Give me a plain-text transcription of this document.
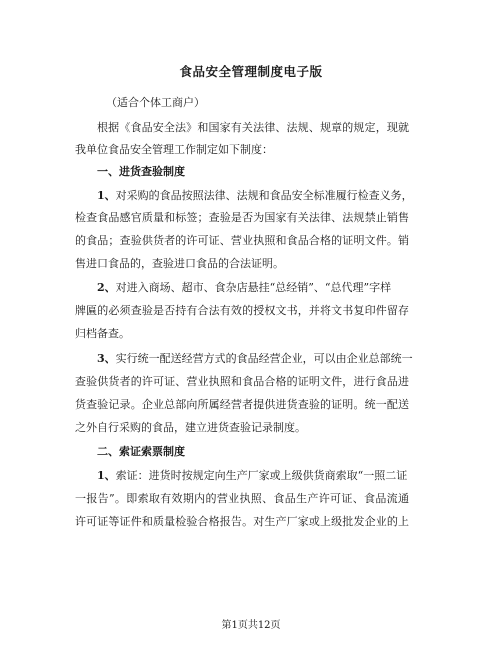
食品安全管理制度电子版
（适合个体工商户）
根据《食品安全法》和国家有关法律、法规、规章的规定，现就
我单位食品安全管理工作制定如下制度：
一、进货查验制度
1、对采购的食品按照法律、法规和食品安全标准履行检查义务，
检查食品感官质量和标签；查验是否为国家有关法律、法规禁止销售
的食品；查验供货者的许可证、营业执照和食品合格的证明文件。销
售进口食品的，查验进口食品的合法证明。
2、对进入商场、超市、食杂店悬挂“总经销”、“总代理”字样
牌匾的必须查验是否持有合法有效的授权文书，并将文书复印件留存
归档备查。
3、实行统一配送经营方式的食品经营企业，可以由企业总部统一
查验供货者的许可证、营业执照和食品合格的证明文件，进行食品进
货查验记录。企业总部向所属经营者提供进货查验的证明。统一配送
之外自行采购的食品，建立进货查验记录制度。
二、索证索票制度
1、索证：进货时按规定向生产厂家或上级供货商索取“一照二证
一报告”。即索取有效期内的营业执照、食品生产许可证、食品流通
许可证等证件和质量检验合格报告。对生产厂家或上级批发企业的上
第1页共12页
